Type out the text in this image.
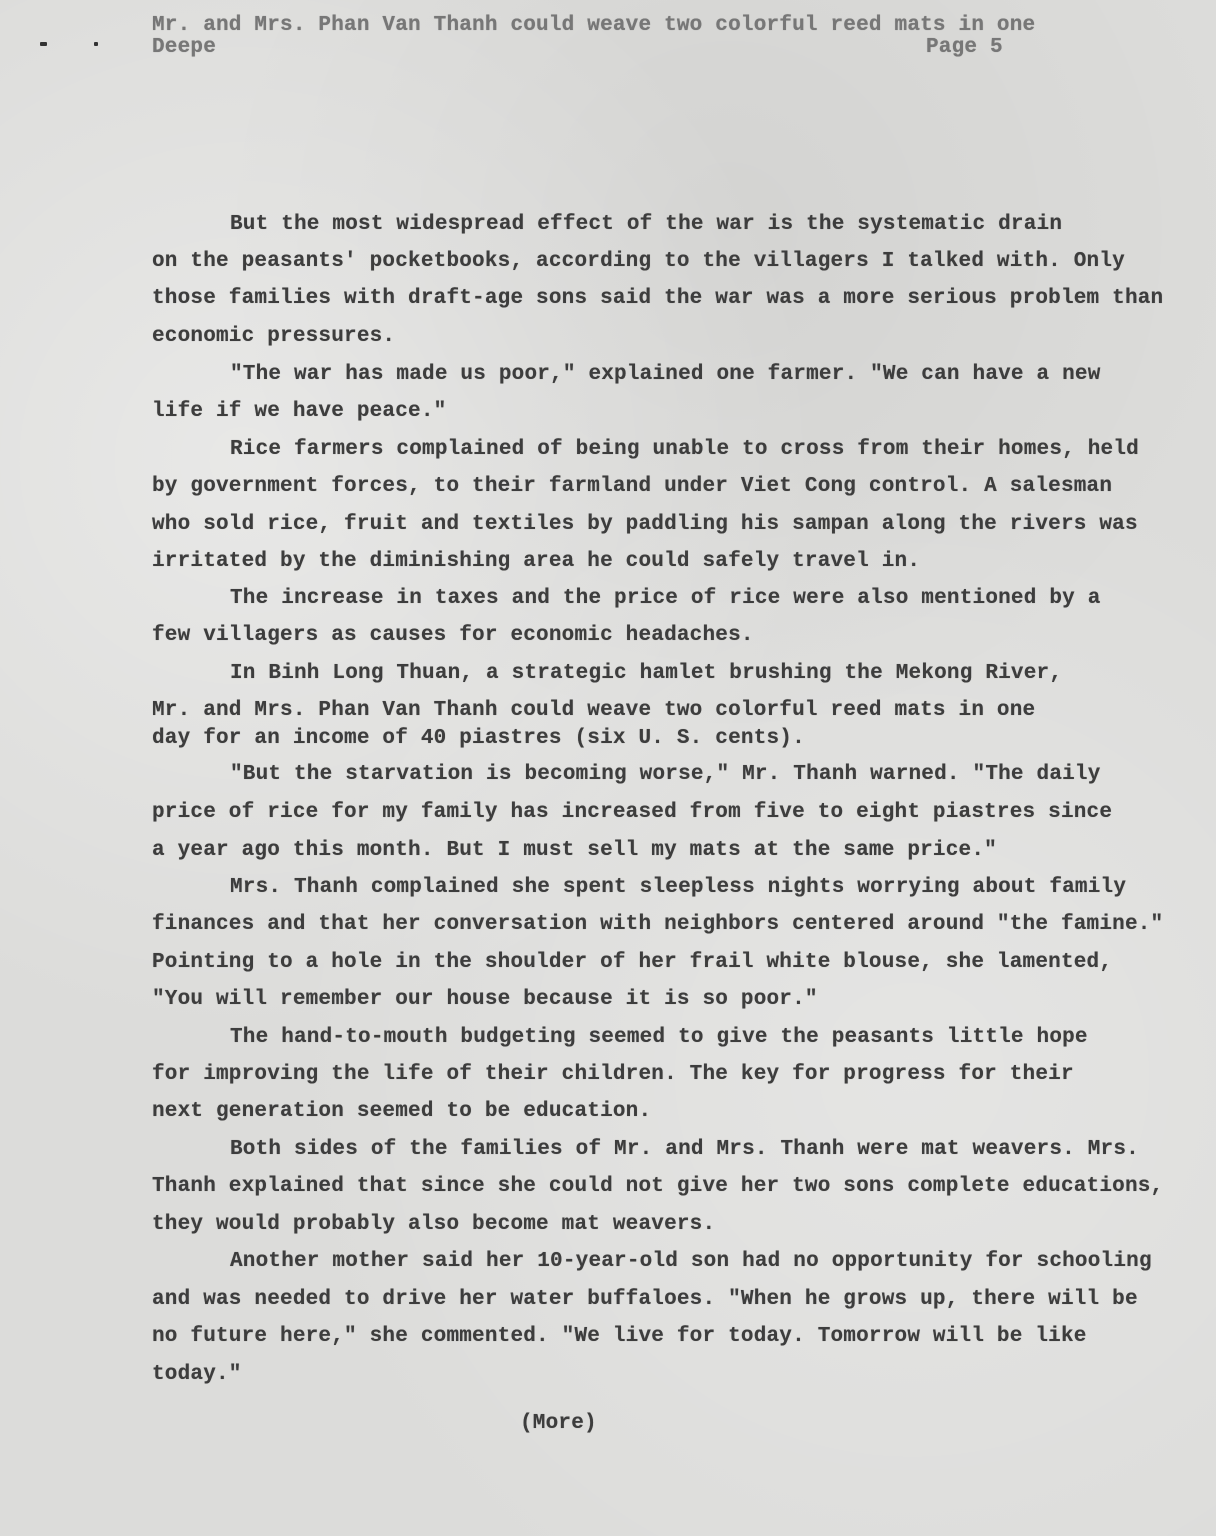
Mr. and Mrs. Phan Van Thanh could weave two colorful reed mats in one
Deepe	Page 5
But the most widespread effect of the war is the systematic drain
on the peasants' pocketbooks, according to the villagers I talked with. Only
those families with draft-age sons said the war was a more serious problem than
economic pressures.
"The war has made us poor," explained one farmer. "We can have a new
life if we have peace."
Rice farmers complained of being unable to cross from their homes, held
by government forces, to their farmland under Viet Cong control. A salesman
who sold rice, fruit and textiles by paddling his sampan along the rivers was
irritated by the diminishing area he could safely travel in.
The increase in taxes and the price of rice were also mentioned by a
few villagers as causes for economic headaches.
In Binh Long Thuan, a strategic hamlet brushing the Mekong River,
Mr. and Mrs. Phan Van Thanh could weave two colorful reed mats in one
day for an income of 40 piastres (six U. S. cents).
"But the starvation is becoming worse," Mr. Thanh warned. "The daily
price of rice for my family has increased from five to eight piastres since
a year ago this month. But I must sell my mats at the same price."
Mrs. Thanh complained she spent sleepless nights worrying about family
finances and that her conversation with neighbors centered around "the famine."
Pointing to a hole in the shoulder of her frail white blouse, she lamented,
"You will remember our house because it is so poor."
The hand-to-mouth budgeting seemed to give the peasants little hope
for improving the life of their children. The key for progress for their
next generation seemed to be education.
Both sides of the families of Mr. and Mrs. Thanh were mat weavers. Mrs.
Thanh explained that since she could not give her two sons complete educations,
they would probably also become mat weavers.
Another mother said her 10-year-old son had no opportunity for schooling
and was needed to drive her water buffaloes. "When he grows up, there will be
no future here," she commented. "We live for today. Tomorrow will be like
today."
(More)
